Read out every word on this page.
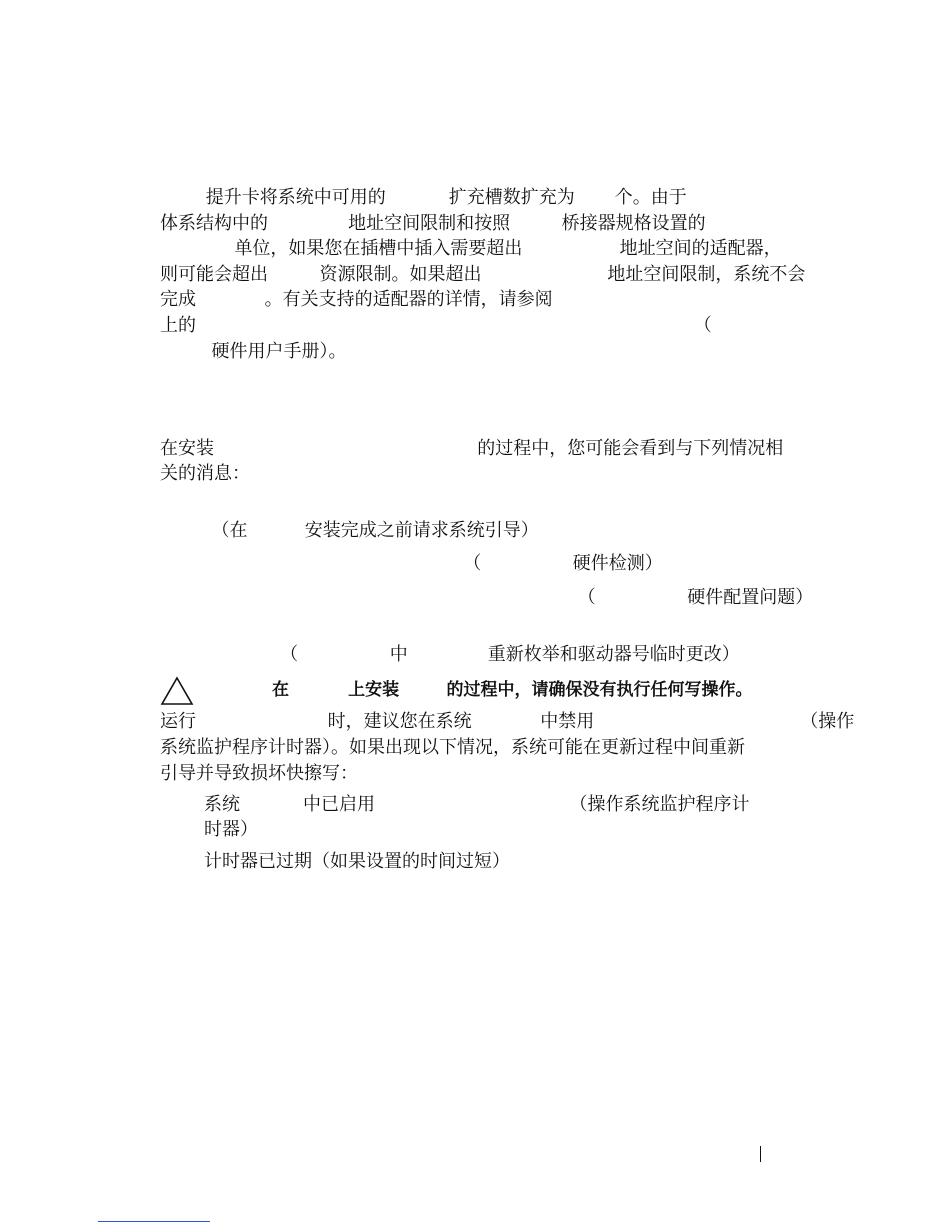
提升卡将系统中可用的           扩充槽数扩充为       个。由于
体系结构中的              地址空间限制和按照         桥接器规格设置的
单位，如果您在插槽中插入需要超出                 地址空间的适配器，
则可能会超出         资源限制。如果超出                      地址空间限制，系统不会
完成            。有关支持的适配器的详情，请参阅
上的                                                                                       （
硬件用户手册）。
在安装                                              的过程中，您可能会看到与下列情况相
关的消息：
（在          安装完成之前请求系统引导）
（                硬件检测）
（                硬件配置问题）
（                中              重新枚举和驱动器号临时更改）
在          上安装        的过程中，请确保没有执行任何写操作。
运行                       时，建议您在系统            中禁用                                    （操作
系统监护程序计时器）。如果出现以下情况，系统可能在更新过程中间重新
引导并导致损坏快擦写：
系统           中已启用                                  （操作系统监护程序计
时器）
计时器已过期（如果设置的时间过短）
